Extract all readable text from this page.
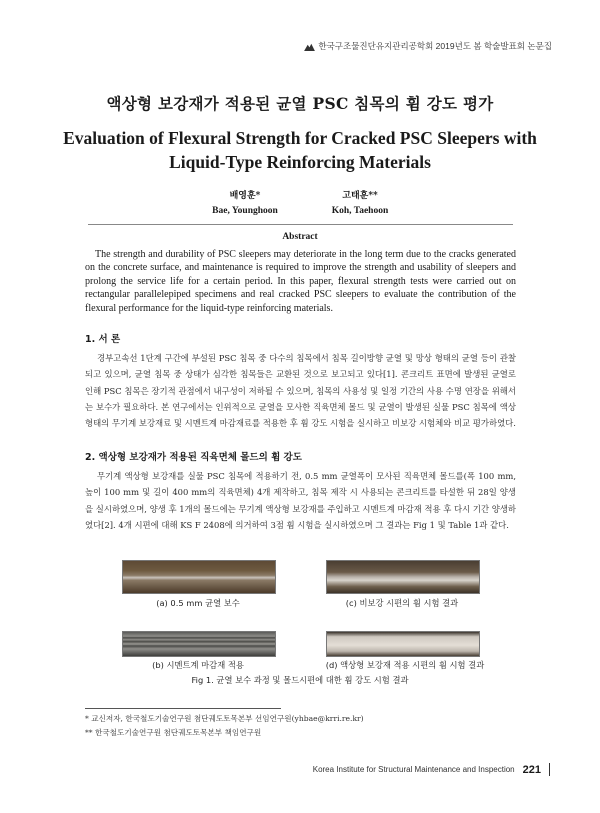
한국구조물진단유지관리공학회 2019년도 봄 학술발표회 논문집
액상형 보강재가 적용된 균열 PSC 침목의 휨 강도 평가
Evaluation of Flexural Strength for Cracked PSC Sleepers with
Liquid-Type Reinforcing Materials
배영훈*
Bae, Younghoon
고태훈**
Koh, Taehoon
Abstract
The strength and durability of PSC sleepers may deteriorate in the long term due to the cracks generated on the concrete surface, and maintenance is required to improve the strength and usability of sleepers and prolong the service life for a certain period. In this paper, flexural strength tests were carried out on rectangular parallelepiped specimens and real cracked PSC sleepers to evaluate the contribution of the flexural performance for the liquid-type reinforcing materials.
1. 서 론
경부고속선 1단계 구간에 부설된 PSC 침목 중 다수의 침목에서 침목 길이방향 균열 및 망상 형태의 균열 등이 관찰되고 있으며, 균열 침목 중 상태가 심각한 침목들은 교환된 것으로 보고되고 있다[1]. 콘크리트 표면에 발생된 균열로 인해 PSC 침목은 장기적 관점에서 내구성이 저하될 수 있으며, 침목의 사용성 및 일정 기간의 사용 수명 연장을 위해서는 보수가 필요하다. 본 연구에서는 인위적으로 균열을 모사한 직육면체 몰드 및 균열이 발생된 실물 PSC 침목에 액상 형태의 무기계 보강재료 및 시멘트계 마감재료를 적용한 후 휨 강도 시험을 실시하고 비보강 시험체와 비교 평가하였다.
2. 액상형 보강재가 적용된 직육면체 몰드의 휨 강도
무기계 액상형 보강재를 실물 PSC 침목에 적용하기 전, 0.5 mm 균열폭이 모사된 직육면체 몰드를(폭 100 mm, 높이 100 mm 및 길이 400 mm의 직육면체) 4개 제작하고, 침목 제작 시 사용되는 콘크리트를 타설한 뒤 28일 양생을 실시하였으며, 양생 후 1개의 몰드에는 무기계 액상형 보강재를 주입하고 시멘트계 마감재 적용 후 다시 기간 양생하였다[2]. 4개 시편에 대해 KS F 2408에 의거하여 3점 휨 시험을 실시하였으며 그 결과는 Fig 1 및 Table 1과 같다.
(a) 0.5 mm 균열 보수	(c) 비보강 시편의 휨 시험 결과
(b) 시멘트계 마감재 적용	(d) 액상형 보강재 적용 시편의 휨 시험 결과
Fig 1. 균열 보수 과정 및 몰드시편에 대한 휨 강도 시험 결과
* 교신저자, 한국철도기술연구원 첨단궤도토목본부 선임연구원(yhbae@krri.re.kr)
** 한국철도기술연구원 첨단궤도토목본부 책임연구원
Korea Institute for Structural Maintenance and Inspection 221
